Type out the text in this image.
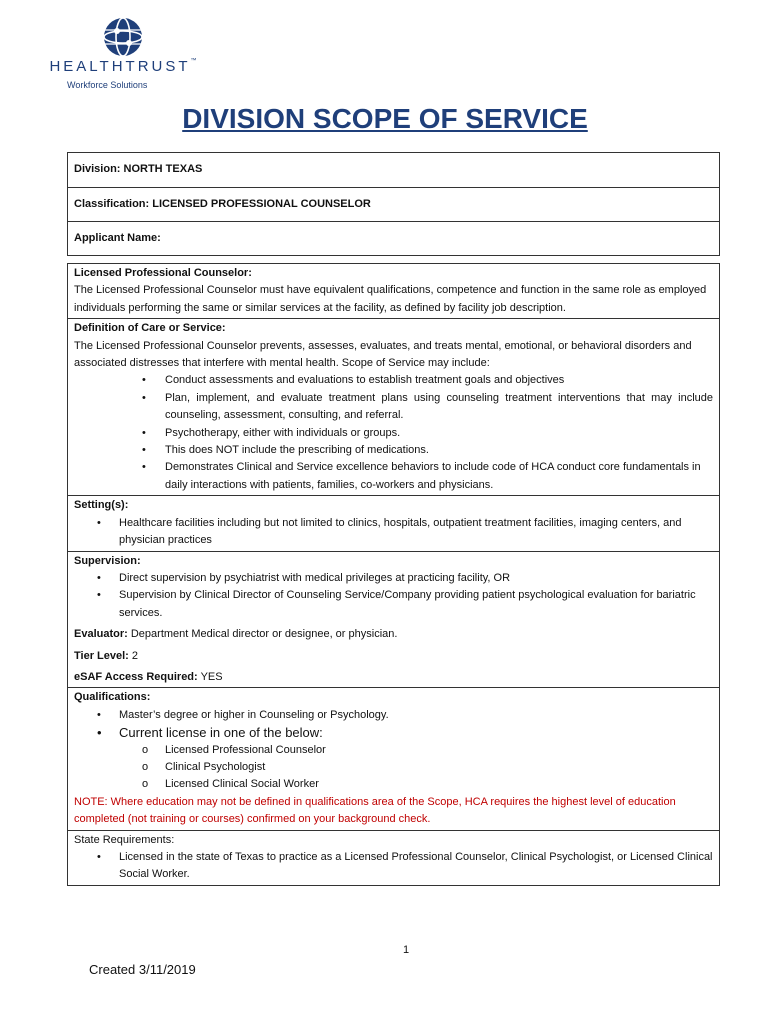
HEALTHTRUST™
Workforce Solutions
DIVISION SCOPE OF SERVICE
Division:
NORTH TEXAS
Classification:
LICENSED PROFESSIONAL COUNSELOR
Applicant Name:
Licensed Professional Counselor:
The Licensed Professional Counselor must have equivalent qualifications, competence and function in the same role as employed individuals performing the same or similar services at the facility, as defined by facility job description.
Definition of Care or Service:
The Licensed Professional Counselor prevents, assesses, evaluates, and treats mental, emotional, or behavioral disorders and associated distresses that interfere with mental health. Scope of Service may include:
• Conduct assessments and evaluations to establish treatment goals and objectives
• Plan, implement, and evaluate treatment plans using counseling treatment interventions that may include counseling, assessment, consulting, and referral.
• Psychotherapy, either with individuals or groups.
• This does NOT include the prescribing of medications.
• Demonstrates Clinical and Service excellence behaviors to include code of HCA conduct core fundamentals in daily interactions with patients, families, co-workers and physicians.
Setting(s):
• Healthcare facilities including but not limited to clinics, hospitals, outpatient treatment facilities, imaging centers, and physician practices
Supervision:
• Direct supervision by psychiatrist with medical privileges at practicing facility, OR
• Supervision by Clinical Director of Counseling Service/Company providing patient psychological evaluation for bariatric services.
Evaluator: Department Medical director or designee, or physician.
Tier Level: 2
eSAF Access Required: YES
Qualifications:
• Master’s degree or higher in Counseling or Psychology.
• Current license in one of the below:
o Licensed Professional Counselor
o Clinical Psychologist
o Licensed Clinical Social Worker
NOTE: Where education may not be defined in qualifications area of the Scope, HCA requires the highest level of education completed (not training or courses) confirmed on your background check.
State Requirements:
• Licensed in the state of Texas to practice as a Licensed Professional Counselor, Clinical Psychologist, or Licensed Clinical Social Worker.
1
Created 3/11/2019
